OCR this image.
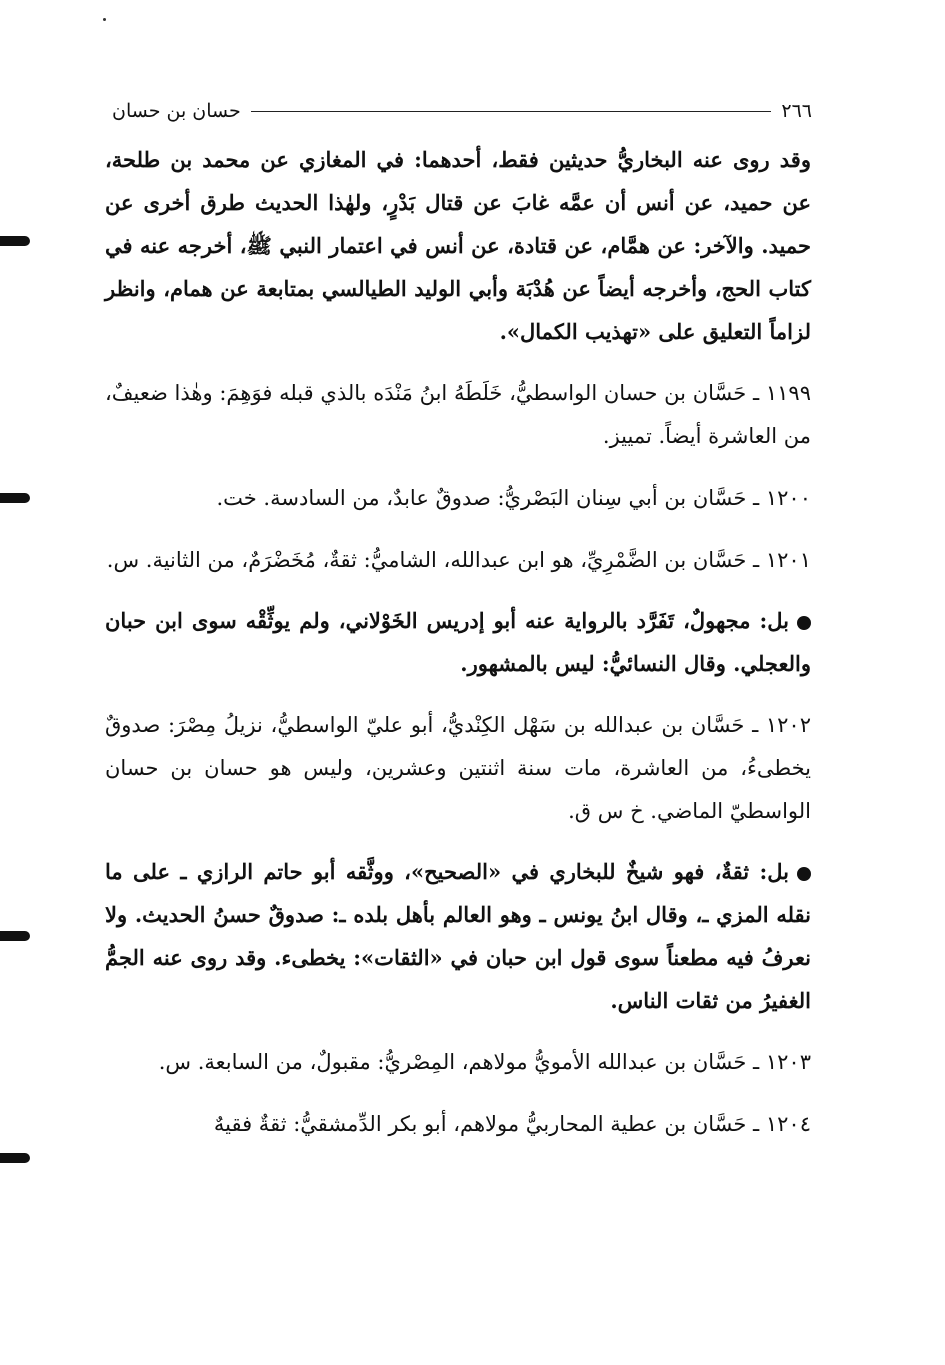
٢٦٦
حسان بن حسان

وقد روى عنه البخاريُّ حديثين فقط، أحدهما: في المغازي عن محمد بن طلحة، عن حميد، عن أنس أن عمَّه غابَ عن قتال بَدْرٍ، ولهٰذا الحديث طرق أخرى عن حميد. والآخر: عن همَّام، عن قتادة، عن أنس في اعتمار النبي ﷺ، أخرجه عنه في كتاب الحج، وأخرجه أيضاً عن هُدْبَة وأبي الوليد الطيالسي بمتابعة عن همام، وانظر لزاماً التعليق على «تهذيب الكمال».

١١٩٩ ـ حَسَّان بن حسان الواسطيُّ، خَلَطَهُ ابنُ مَنْدَه بالذي قبله فوَهِمَ: وهٰذا ضعيفٌ، من العاشرة أيضاً. تمييز.

١٢٠٠ ـ حَسَّان بن أبي سِنان البَصْريُّ: صدوقٌ عابدٌ، من السادسة. خت.

١٢٠١ ـ حَسَّان بن الضَّمْرِيِّ، هو ابن عبدالله، الشاميُّ: ثقةٌ، مُخَضْرَمٌ، من الثانية. س.

بل: مجهولٌ، تَفَرَّد بالرواية عنه أبو إدريس الخَوْلاني، ولم يوثِّقْه سوى ابن حبان والعجلي. وقال النسائيُّ: ليس بالمشهور.

١٢٠٢ ـ حَسَّان بن عبدالله بن سَهْل الكِنْديُّ، أبو عليّ الواسطيُّ، نزيلُ مِصْرَ: صدوقٌ يخطىءُ، من العاشرة، مات سنة اثنتين وعشرين، وليس هو حسان بن حسان الواسطيّ الماضي. خ س ق.

بل: ثقةٌ، فهو شيخٌ للبخاري في «الصحيح»، ووثَّقه أبو حاتم الرازي ـ على ما نقله المزي ـ، وقال ابنُ يونس ـ وهو العالم بأهل بلده ـ: صدوقٌ حسنُ الحديث. ولا نعرفُ فيه مطعناً سوى قول ابن حبان في «الثقات»: يخطىء. وقد روى عنه الجمُّ الغفيرُ من ثقات الناس.

١٢٠٣ ـ حَسَّان بن عبدالله الأمويُّ مولاهم، المِصْريُّ: مقبولٌ، من السابعة. س.

١٢٠٤ ـ حَسَّان بن عطية المحاربيُّ مولاهم، أبو بكر الدِّمشقيُّ: ثقةٌ فقيهٌ
